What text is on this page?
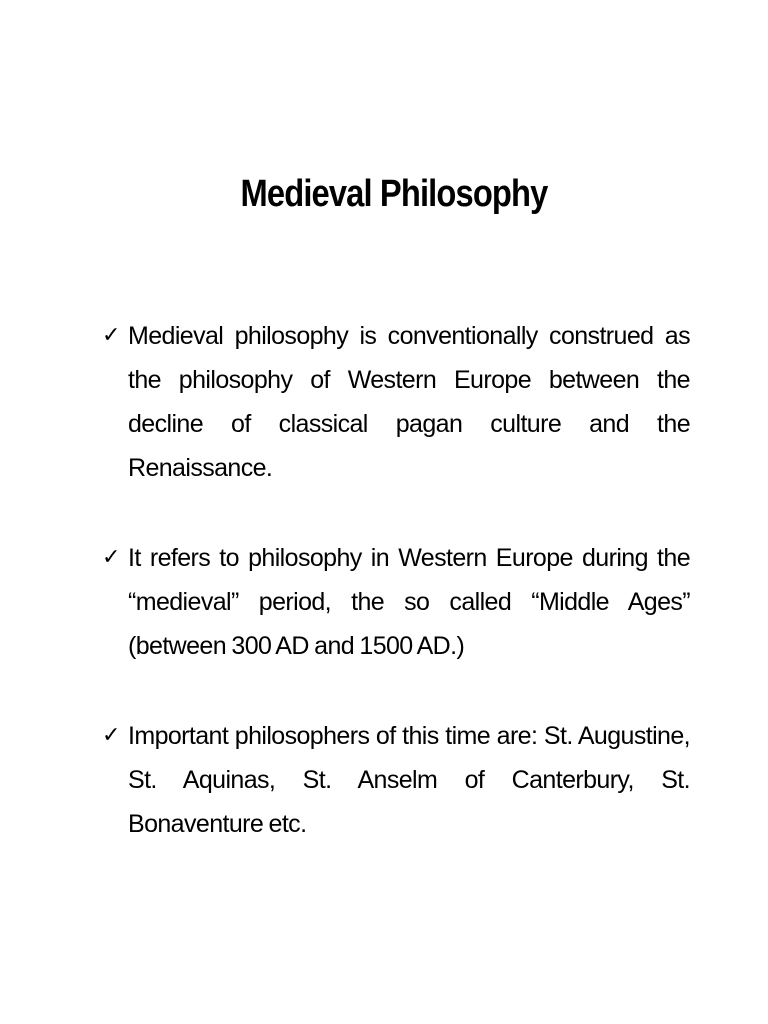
Medieval Philosophy
✓ Medieval philosophy is conventionally construed as the philosophy of Western Europe between the decline of classical pagan culture and the Renaissance.
✓ It refers to philosophy in Western Europe during the “medieval” period, the so called “Middle Ages” (between 300 AD and 1500 AD.)
✓ Important philosophers of this time are: St. Augustine, St. Aquinas, St. Anselm of Canterbury, St. Bonaventure etc.
